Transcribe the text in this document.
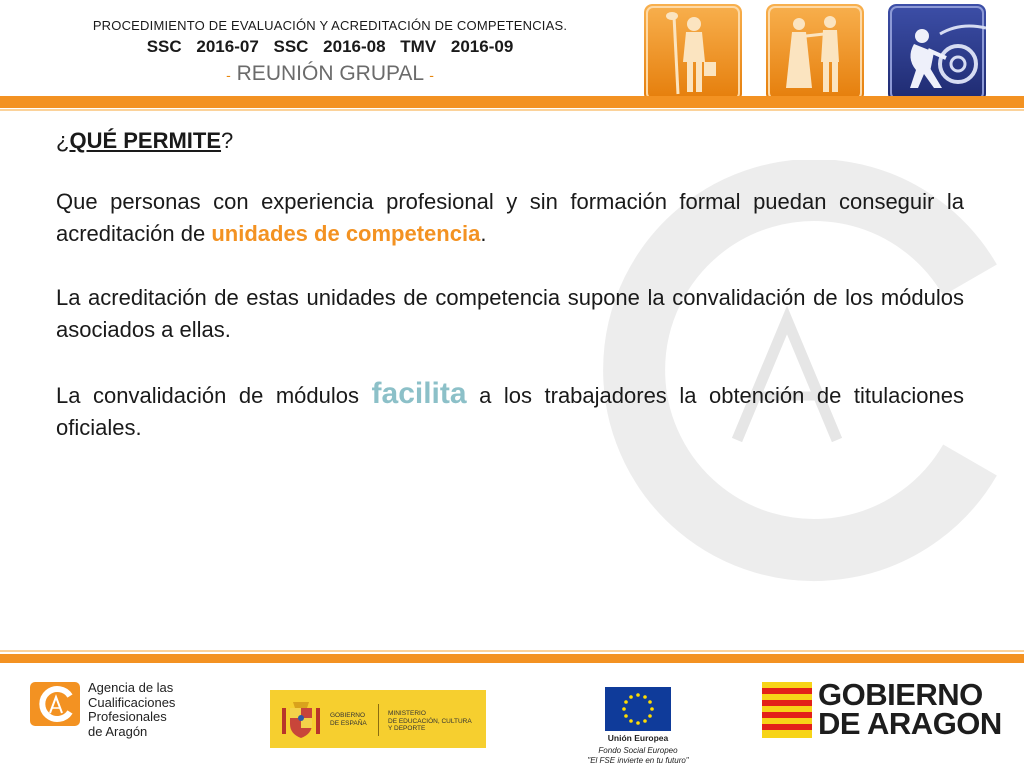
PROCEDIMIENTO DE EVALUACIÓN Y ACREDITACIÓN DE COMPETENCIAS.
SSC 2016-07 SSC 2016-08 TMV 2016-09
- REUNIÓN GRUPAL -
¿QUÉ PERMITE?

Que personas con experiencia profesional y sin formación formal puedan conseguir la acreditación de unidades de competencia.

La acreditación de estas unidades de competencia supone la convalidación de los módulos asociados a ellas.

La convalidación de módulos facilita a los trabajadores la obtención de titulaciones oficiales.

Agencia de las
Cualificaciones
Profesionales
de Aragón
GOBIERNO
DE ESPAÑA
MINISTERIO
DE EDUCACIÓN, CULTURA
Y DEPORTE
Unión Europea
Fondo Social Europeo
"El FSE invierte en tu futuro"
GOBIERNO
DE ARAGON
